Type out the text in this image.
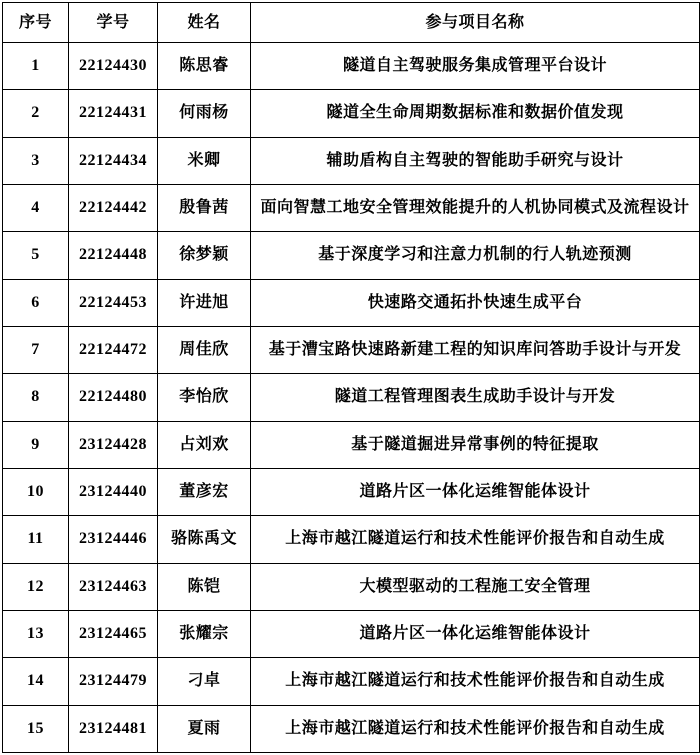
序号	学号	姓名	参与项目名称
1	22124430	陈思睿	隧道自主驾驶服务集成管理平台设计
2	22124431	何雨杨	隧道全生命周期数据标准和数据价值发现
3	22124434	米卿	辅助盾构自主驾驶的智能助手研究与设计
4	22124442	殷鲁茜	面向智慧工地安全管理效能提升的人机协同模式及流程设计
5	22124448	徐梦颖	基于深度学习和注意力机制的行人轨迹预测
6	22124453	许进旭	快速路交通拓扑快速生成平台
7	22124472	周佳欣	基于漕宝路快速路新建工程的知识库问答助手设计与开发
8	22124480	李怡欣	隧道工程管理图表生成助手设计与开发
9	23124428	占刘欢	基于隧道掘进异常事例的特征提取
10	23124440	董彦宏	道路片区一体化运维智能体设计
11	23124446	骆陈禹文	上海市越江隧道运行和技术性能评价报告和自动生成
12	23124463	陈铠	大模型驱动的工程施工安全管理
13	23124465	张耀宗	道路片区一体化运维智能体设计
14	23124479	刁卓	上海市越江隧道运行和技术性能评价报告和自动生成
15	23124481	夏雨	上海市越江隧道运行和技术性能评价报告和自动生成
